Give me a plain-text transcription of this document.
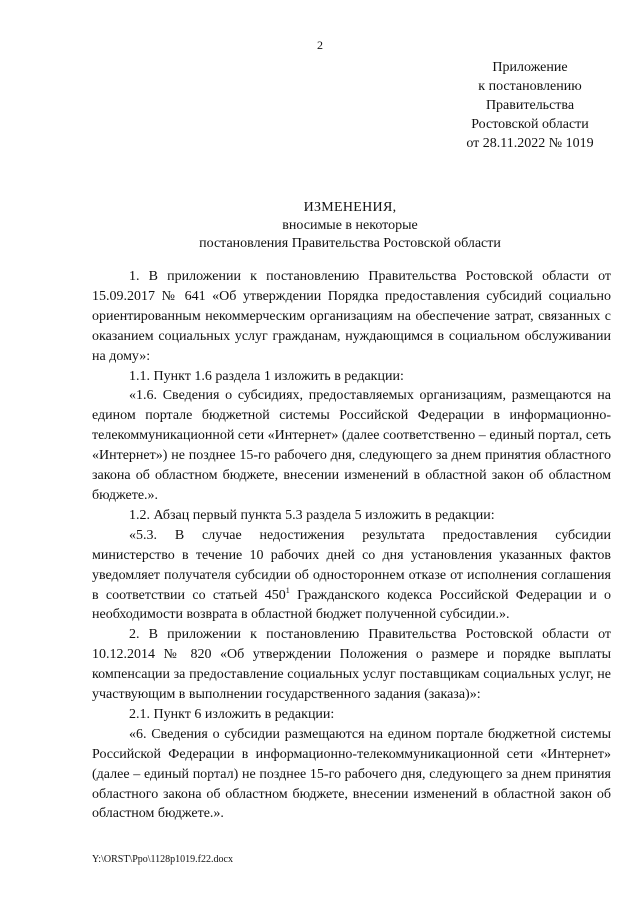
2
Приложение
к постановлению
Правительства
Ростовской области
от 28.11.2022 № 1019
ИЗМЕНЕНИЯ,
вносимые в некоторые
постановления Правительства Ростовской области

1. В приложении к постановлению Правительства Ростовской области от 15.09.2017 № 641 «Об утверждении Порядка предоставления субсидий социально ориентированным некоммерческим организациям на обеспечение затрат, связанных с оказанием социальных услуг гражданам, нуждающимся в социальном обслуживании на дому»:

1.1. Пункт 1.6 раздела 1 изложить в редакции:

«1.6. Сведения о субсидиях, предоставляемых организациям, размещаются на едином портале бюджетной системы Российской Федерации в информационно-телекоммуникационной сети «Интернет» (далее соответственно – единый портал, сеть «Интернет») не позднее 15-го рабочего дня, следующего за днем принятия областного закона об областном бюджете, внесении изменений в областной закон об областном бюджете.».

1.2. Абзац первый пункта 5.3 раздела 5 изложить в редакции:

«5.3. В случае недостижения результата предоставления субсидии министерство в течение 10 рабочих дней со дня установления указанных фактов уведомляет получателя субсидии об одностороннем отказе от исполнения соглашения в соответствии со статьей $450^1$ Гражданского кодекса Российской Федерации и о необходимости возврата в областной бюджет полученной субсидии.».

2. В приложении к постановлению Правительства Ростовской области от 10.12.2014 № 820 «Об утверждении Положения о размере и порядке выплаты компенсации за предоставление социальных услуг поставщикам социальных услуг, не участвующим в выполнении государственного задания (заказа)»:

2.1. Пункт 6 изложить в редакции:

«6. Сведения о субсидии размещаются на едином портале бюджетной системы Российской Федерации в информационно-телекоммуникационной сети «Интернет» (далее – единый портал) не позднее 15-го рабочего дня, следующего за днем принятия областного закона об областном бюджете, внесении изменений в областной закон об областном бюджете.».

Y:\ORST\Ppo\1128p1019.f22.docx
